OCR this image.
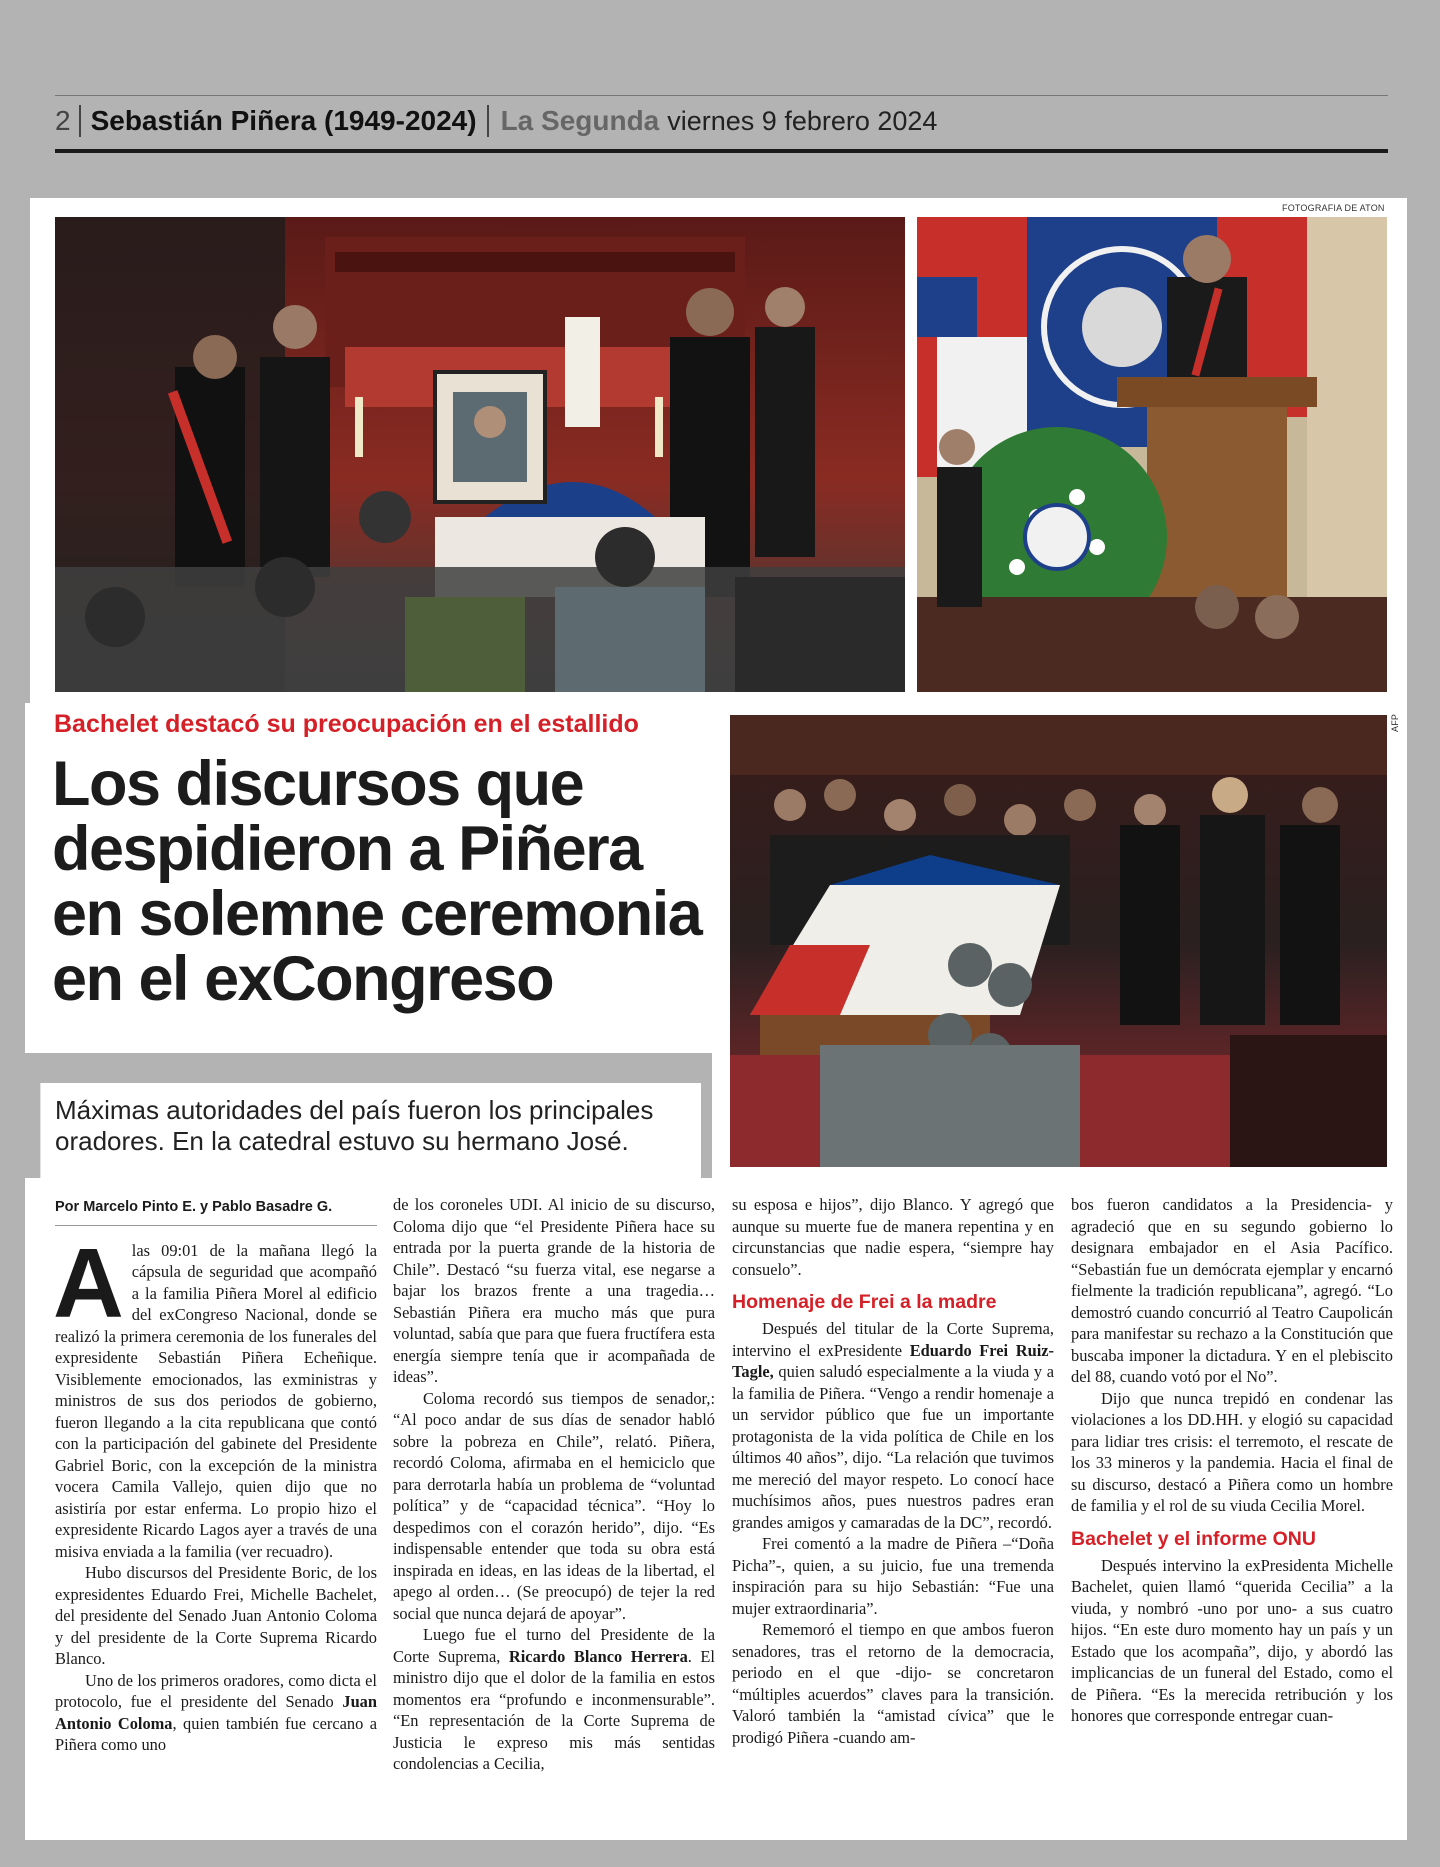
2 Sebastián Piñera (1949-2024) La Segunda viernes 9 febrero 2024
FOTOGRAFIA DE ATON
AFP
Bachelet destacó su preocupación en el estallido
Los discursos que despidieron a Piñera en solemne ceremonia en el exCongreso

Máximas autoridades del país fueron los principales oradores. En la catedral estuvo su hermano José.

Por Marcelo Pinto E. y Pablo Basadre G.

Alas 09:01 de la mañana llegó la cápsula de seguridad que acompañó a la familia Piñera Morel al edificio del exCongreso Nacional, donde se realizó la primera ceremonia de los funerales del expresidente Sebastián Piñera Echeñique. Visiblemente emocionados, las exministras y ministros de sus dos periodos de gobierno, fueron llegando a la cita republicana que contó con la participación del gabinete del Presidente Gabriel Boric, con la excepción de la ministra vocera Camila Vallejo, quien dijo que no asistiría por estar enferma. Lo propio hizo el expresidente Ricardo Lagos ayer a través de una misiva enviada a la familia (ver recuadro).

Hubo discursos del Presidente Boric, de los expresidentes Eduardo Frei, Michelle Bachelet, del presidente del Senado Juan Antonio Coloma y del presidente de la Corte Suprema Ricardo Blanco.

Uno de los primeros oradores, como dicta el protocolo, fue el presidente del Senado Juan Antonio Coloma, quien también fue cercano a Piñera como uno

de los coroneles UDI. Al inicio de su discurso, Coloma dijo que “el Presidente Piñera hace su entrada por la puerta grande de la historia de Chile”. Destacó “su fuerza vital, ese negarse a bajar los brazos frente a una tragedia… Sebastián Piñera era mucho más que pura voluntad, sabía que para que fuera fructífera esta energía siempre tenía que ir acompañada de ideas”.

Coloma recordó sus tiempos de senador,: “Al poco andar de sus días de senador habló sobre la pobreza en Chile”, relató. Piñera, recordó Coloma, afirmaba en el hemiciclo que para derrotarla había un problema de “voluntad política” y de “capacidad técnica”. “Hoy lo despedimos con el corazón herido”, dijo. “Es indispensable entender que toda su obra está inspirada en ideas, en las ideas de la libertad, el apego al orden… (Se preocupó) de tejer la red social que nunca dejará de apoyar”.

Luego fue el turno del Presidente de la Corte Suprema, Ricardo Blanco Herrera. El ministro dijo que el dolor de la familia en estos momentos era “profundo e inconmensurable”. “En representación de la Corte Suprema de Justicia le expreso mis más sentidas condolencias a Cecilia,

su esposa e hijos”, dijo Blanco. Y agregó que aunque su muerte fue de manera repentina y en circunstancias que nadie espera, “siempre hay consuelo”.

Homenaje de Frei a la madre

Después del titular de la Corte Suprema, intervino el exPresidente Eduardo Frei Ruiz-Tagle, quien saludó especialmente a la viuda y a la familia de Piñera. “Vengo a rendir homenaje a un servidor público que fue un importante protagonista de la vida política de Chile en los últimos 40 años”, dijo. “La relación que tuvimos me mereció del mayor respeto. Lo conocí hace muchísimos años, pues nuestros padres eran grandes amigos y camaradas de la DC”, recordó.

Frei comentó a la madre de Piñera –“Doña Picha”-, quien, a su juicio, fue una tremenda inspiración para su hijo Sebastián: “Fue una mujer extraordinaria”.

Rememoró el tiempo en que ambos fueron senadores, tras el retorno de la democracia, periodo en el que -dijo- se concretaron “múltiples acuerdos” claves para la transición. Valoró también la “amistad cívica” que le prodigó Piñera -cuando am-

bos fueron candidatos a la Presidencia- y agradeció que en su segundo gobierno lo designara embajador en el Asia Pacífico. “Sebastián fue un demócrata ejemplar y encarnó fielmente la tradición republicana”, agregó. “Lo demostró cuando concurrió al Teatro Caupolicán para manifestar su rechazo a la Constitución que buscaba imponer la dictadura. Y en el plebiscito del 88, cuando votó por el No”.

Dijo que nunca trepidó en condenar las violaciones a los DD.HH. y elogió su capacidad para lidiar tres crisis: el terremoto, el rescate de los 33 mineros y la pandemia. Hacia el final de su discurso, destacó a Piñera como un hombre de familia y el rol de su viuda Cecilia Morel.

Bachelet y el informe ONU

Después intervino la exPresidenta Michelle Bachelet, quien llamó “querida Cecilia” a la viuda, y nombró -uno por uno- a sus cuatro hijos. “En este duro momento hay un país y un Estado que los acompaña”, dijo, y abordó las implicancias de un funeral del Estado, como el de Piñera. “Es la merecida retribución y los honores que corresponde entregar cuan-
